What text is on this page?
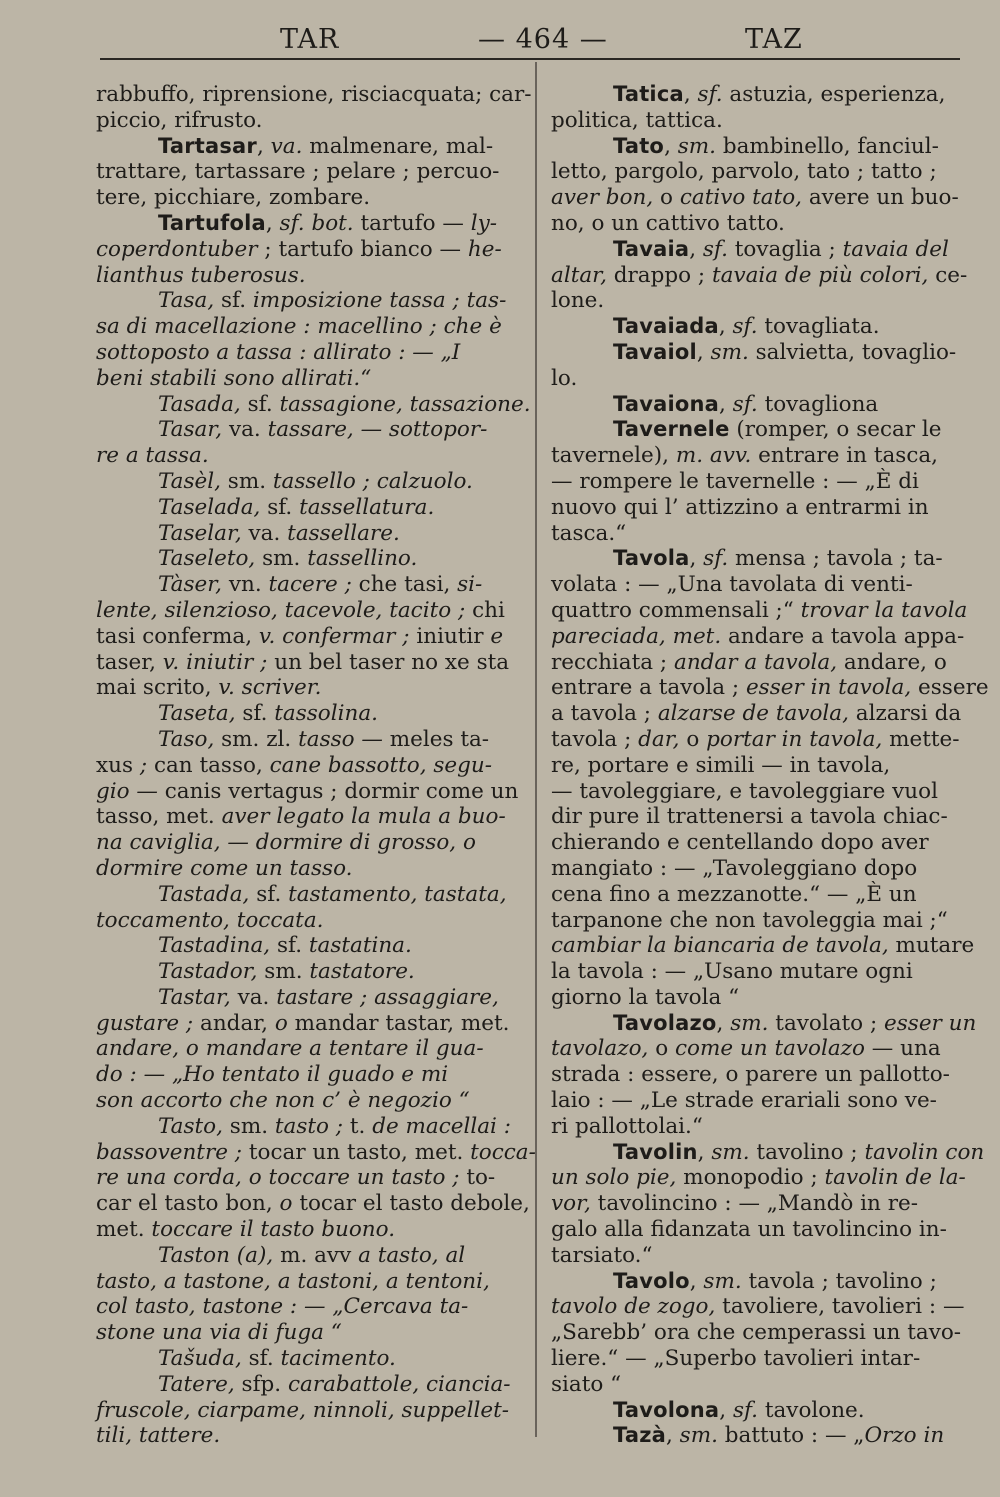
TAR	— 464 —	TAZ
rabbuffo, riprensione, risciacquata; car-
piccio, rifrusto.
Tartasar, va. malmenare, mal-
trattare, tartassare ; pelare ; percuo-
tere, picchiare, zombare.
Tartufola, sf. bot. tartufo — ly-
coperdontuber ; tartufo bianco — he-
lianthus tuberosus.
Tasa, sf. imposizione tassa ; tas-
sa di macellazione : macellino ; che è
sottoposto a tassa : allirato : — „I
beni stabili sono allirati.“
Tasada, sf. tassagione, tassazione.
Tasar, va. tassare, — sottopor-
re a tassa.
Tasèl, sm. tassello ; calzuolo.
Taselada, sf. tassellatura.
Taselar, va. tassellare.
Taseleto, sm. tassellino.
Tàser, vn. tacere ; che tasi, si-
lente, silenzioso, tacevole, tacito ; chi
tasi conferma, v. confermar ; iniutir e
taser, v. iniutir ; un bel taser no xe sta
mai scrito, v. scriver.
Taseta, sf. tassolina.
Taso, sm. zl. tasso — meles ta-
xus ; can tasso, cane bassotto, segu-
gio — canis vertagus ; dormir come un
tasso, met. aver legato la mula a buo-
na caviglia, — dormire di grosso, o
dormire come un tasso.
Tastada, sf. tastamento, tastata,
toccamento, toccata.
Tastadina, sf. tastatina.
Tastador, sm. tastatore.
Tastar, va. tastare ; assaggiare,
gustare ; andar, o mandar tastar, met.
andare, o mandare a tentare il gua-
do : — „Ho tentato il guado e mi
son accorto che non c’ è negozio “
Tasto, sm. tasto ; t. de macellai :
bassoventre ; tocar un tasto, met. tocca-
re una corda, o toccare un tasto ; to-
car el tasto bon, o tocar el tasto debole,
met. toccare il tasto buono.
Taston (a), m. avv a tasto, al
tasto, a tastone, a tastoni, a tentoni,
col tasto, tastone : — „Cercava ta-
stone una via di fuga “
Tašuda, sf. tacimento.
Tatere, sfp. carabattole, ciancia-
fruscole, ciarpame, ninnoli, suppellet-
tili, tattere.
Tatica, sf. astuzia, esperienza,
politica, tattica.
Tato, sm. bambinello, fanciul-
letto, pargolo, parvolo, tato ; tatto ;
aver bon, o cativo tato, avere un buo-
no, o un cattivo tatto.
Tavaia, sf. tovaglia ; tavaia del
altar, drappo ; tavaia de più colori, ce-
lone.
Tavaiada, sf. tovagliata.
Tavaiol, sm. salvietta, tovaglio-
lo.
Tavaiona, sf. tovagliona
Tavernele (romper, o secar le
tavernele), m. avv. entrare in tasca,
— rompere le tavernelle : — „È di
nuovo qui l’ attizzino a entrarmi in
tasca.“
Tavola, sf. mensa ; tavola ; ta-
volata : — „Una tavolata di venti-
quattro commensali ;“ trovar la tavola
pareciada, met. andare a tavola appa-
recchiata ; andar a tavola, andare, o
entrare a tavola ; esser in tavola, essere
a tavola ; alzarse de tavola, alzarsi da
tavola ; dar, o portar in tavola, mette-
re, portare e simili — in tavola,
— tavoleggiare, e tavoleggiare vuol
dir pure il trattenersi a tavola chiac-
chierando e centellando dopo aver
mangiato : — „Tavoleggiano dopo
cena fino a mezzanotte.“ — „È un
tarpanone che non tavoleggia mai ;“
cambiar la biancaria de tavola, mutare
la tavola : — „Usano mutare ogni
giorno la tavola “
Tavolazo, sm. tavolato ; esser un
tavolazo, o come un tavolazo — una
strada : essere, o parere un pallotto-
laio : — „Le strade erariali sono ve-
ri pallottolai.“
Tavolin, sm. tavolino ; tavolin con
un solo pie, monopodio ; tavolin de la-
vor, tavolincino : — „Mandò in re-
galo alla fidanzata un tavolincino in-
tarsiato.“
Tavolo, sm. tavola ; tavolino ;
tavolo de zogo, tavoliere, tavolieri : —
„Sarebb’ ora che cemperassi un tavo-
liere.“ — „Superbo tavolieri intar-
siato “
Tavolona, sf. tavolone.
Tazà, sm. battuto : — „Orzo in
